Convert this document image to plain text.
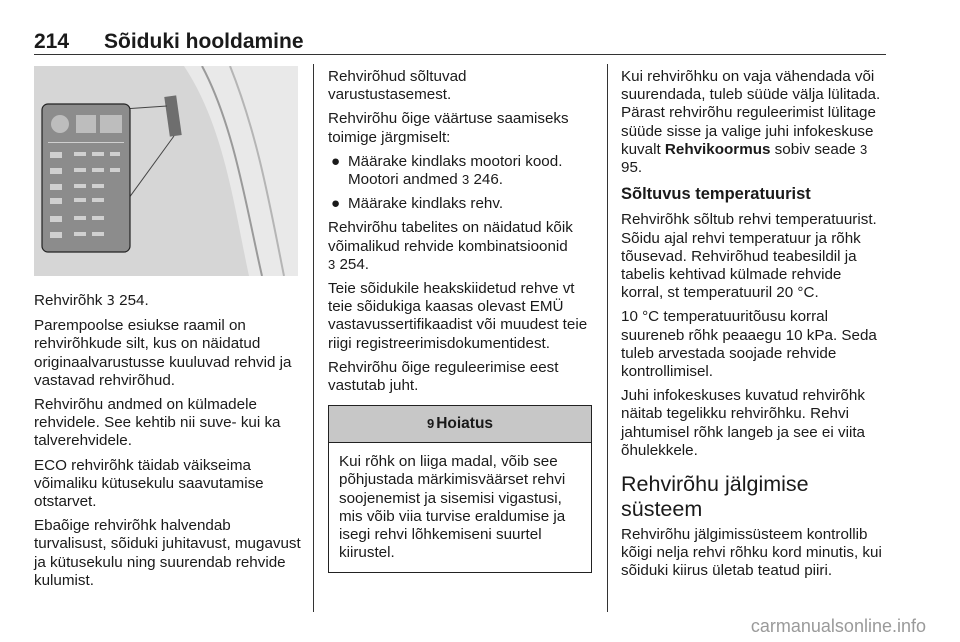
214 Sõiduki hooldamine

Rehvirõhk 3 254.

Parempoolse esiukse raamil on rehvirõhkude silt, kus on näidatud originaalvarustusse kuuluvad rehvid ja vastavad rehvirõhud.

Rehvirõhu andmed on külmadele rehvidele. See kehtib nii suve- kui ka talverehvidele.

ECO rehvirõhk täidab väikseima võimaliku kütusekulu saavutamise otstarvet.

Ebaõige rehvirõhk halvendab turvalisust, sõiduki juhitavust, mugavust ja kütusekulu ning suurendab rehvide kulumist.

Rehvirõhud sõltuvad varustustasemest.

Rehvirõhu õige väärtuse saamiseks toimige järgmiselt:

● Määrake kindlaks mootori kood. Mootori andmed 3 246.
● Määrake kindlaks rehv.

Rehvirõhu tabelites on näidatud kõik võimalikud rehvide kombinatsioonid
3 254.

Teie sõidukile heakskiidetud rehve vt teie sõidukiga kaasas olevast EMÜ vastavussertifikaadist või muudest teie riigi registreerimisdokumentidest.

Rehvirõhu õige reguleerimise eest vastutab juht.

9 Hoiatus
Kui rõhk on liiga madal, võib see põhjustada märkimisväärset rehvi soojenemist ja sisemisi vigastusi, mis võib viia turvise eraldumise ja isegi rehvi lõhkemiseni suurtel kiirustel.

Kui rehvirõhku on vaja vähendada või suurendada, tuleb süüde välja lülitada. Pärast rehvirõhu reguleerimist lülitage süüde sisse ja valige juhi infokeskuse kuvalt Rehvikoormus sobiv seade 3 95.

Sõltuvus temperatuurist

Rehvirõhk sõltub rehvi temperatuurist. Sõidu ajal rehvi temperatuur ja rõhk tõusevad. Rehvirõhud teabesildil ja tabelis kehtivad külmade rehvide korral, st temperatuuril 20 °C.

10 °C temperatuuritõusu korral suureneb rõhk peaaegu 10 kPa. Seda tuleb arvestada soojade rehvide kontrollimisel.

Juhi infokeskuses kuvatud rehvirõhk näitab tegelikku rehvirõhku. Rehvi jahtumisel rõhk langeb ja see ei viita õhulekkele.

Rehvirõhu jälgimise süsteem

Rehvirõhu jälgimissüsteem kontrollib kõigi nelja rehvi rõhku kord minutis, kui sõiduki kiirus ületab teatud piiri.

carmanualsonline.info
